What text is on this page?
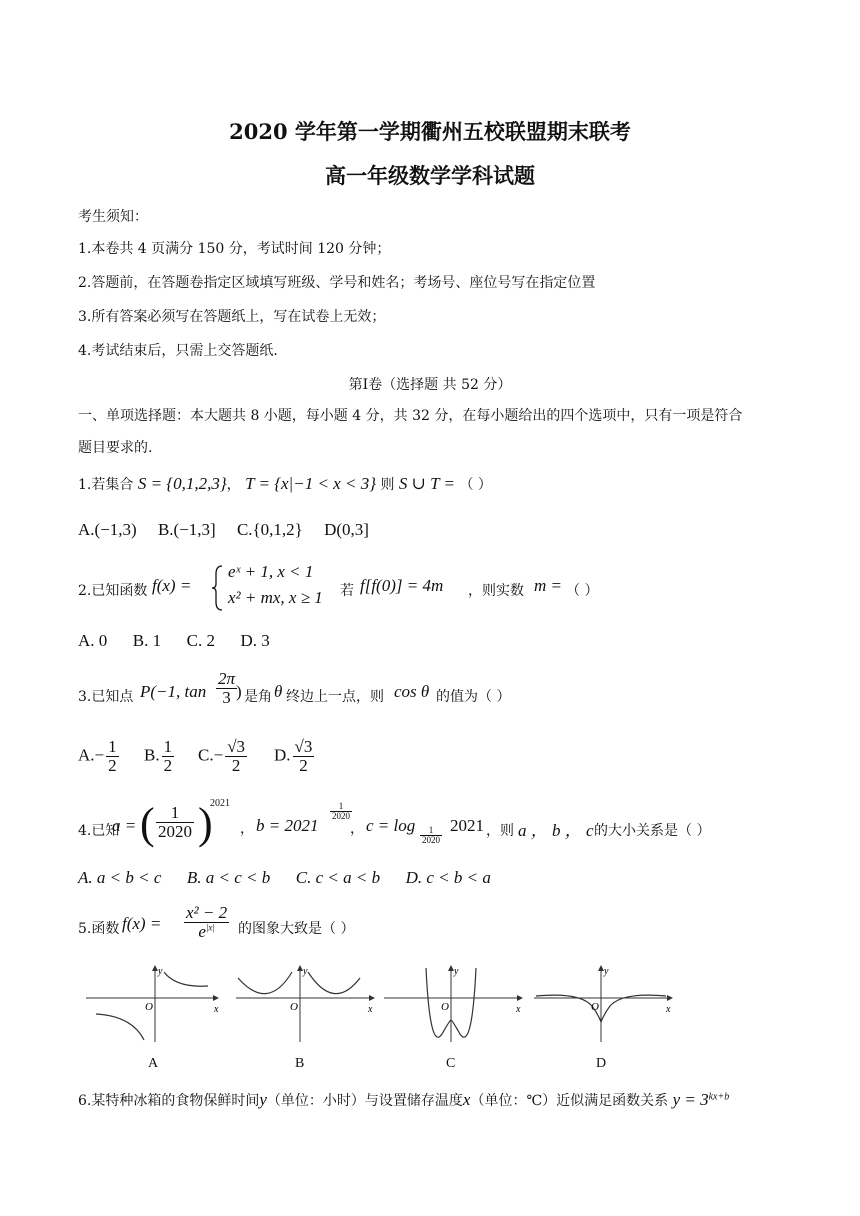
2020 学年第一学期衢州五校联盟期末联考
高一年级数学学科试题
考生须知：
1.本卷共 4 页满分 150 分，考试时间 120 分钟；
2.答题前，在答题卷指定区域填写班级、学号和姓名；考场号、座位号写在指定位置
3.所有答案必须写在答题纸上，写在试卷上无效；
4.考试结束后，只需上交答题纸.
第Ⅰ卷（选择题 共 52 分）
一、单项选择题：本大题共 8 小题，每小题 4 分，共 32 分，在每小题给出的四个选项中，只有一项是符合
题目要求的.
1.若集合 S = {0,1,2,3}， T = {x|−1 < x < 3} 则 S ∪ T = （ ）
A.(−1,3) B.(−1,3] C.{0,1,2} D(0,3]
2.已知函数 f(x) =
eˣ + 1, x < 1
x² + mx, x ≥ 1 若 f[f(0)] = 4m ，则实数 m = （ ）
A. 0 B. 1 C. 2 D. 3
3.已知点 P(−1, $\tan \frac{2\pi}{3}$
) 是角 θ 终边上一点，则 cos θ 的值为（ ）
$A.- \frac{1}{2} B$. $\frac{1}{2} C.- \frac{√3}{2} D$. $\frac{√3}{2}$
4.已知
a = ( $\frac{1}{2020}$ )
2021
， b = 2021
$\frac{1}{2020}$
， c = log
$\frac{1}{2020}$
2021 ，则 a ， b ， c 的大小关系是（ ）
A. a < b < c B. a < c < b C. c < a < b D. c < b < a
5.函数 $f(x) = \frac{\text{x² − 2}}{e^{|x|}}$ 的图象大致是（ ）
O
y
x	O
y
x	O
y
x	O
y
x
A	B	C	D
6.某特种冰箱的食物保鲜时间y（单位：小时）与设置储存温度x（单位：℃）近似满足函数关系 $y = 3^{kx+b}$
